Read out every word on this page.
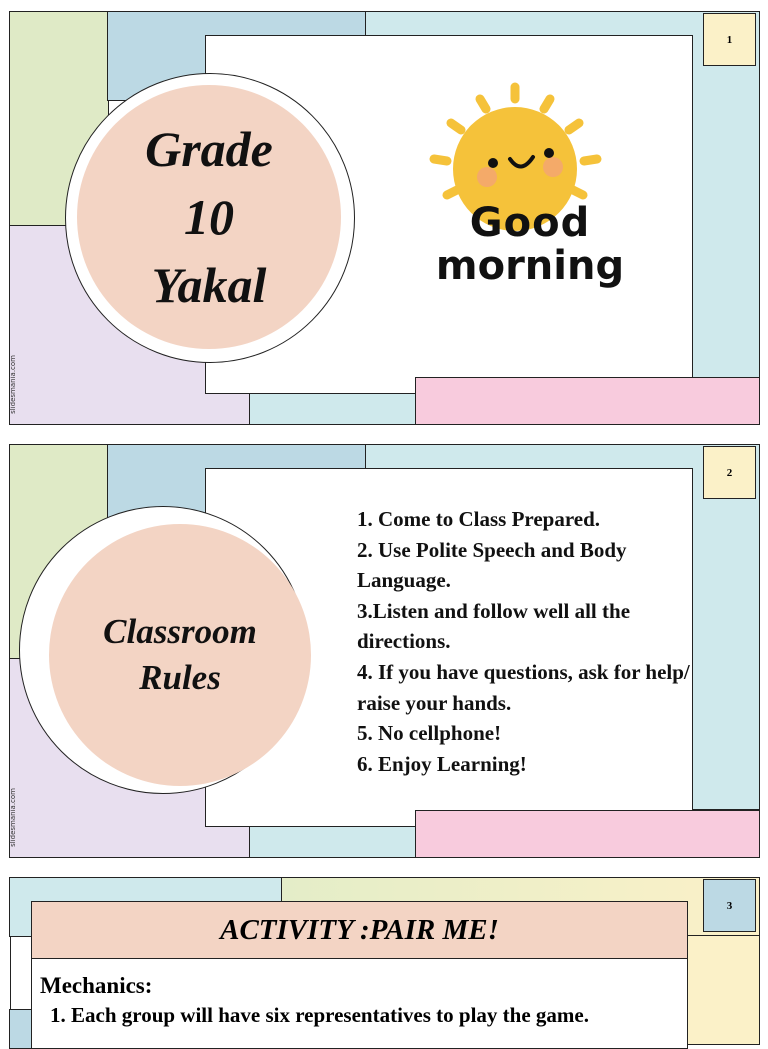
1
Grade
10
Yakal
Good
morning
slidesmania.com
2
Classroom
Rules
1. Come to Class Prepared.
2. Use Polite Speech and Body Language.
3.Listen and follow well all the directions.
4. If you have questions, ask for help/ raise your hands.
5. No cellphone!
6. Enjoy Learning!
slidesmania.com
3
ACTIVITY :PAIR ME!
Mechanics:
1. Each group will have six representatives to play the game.
